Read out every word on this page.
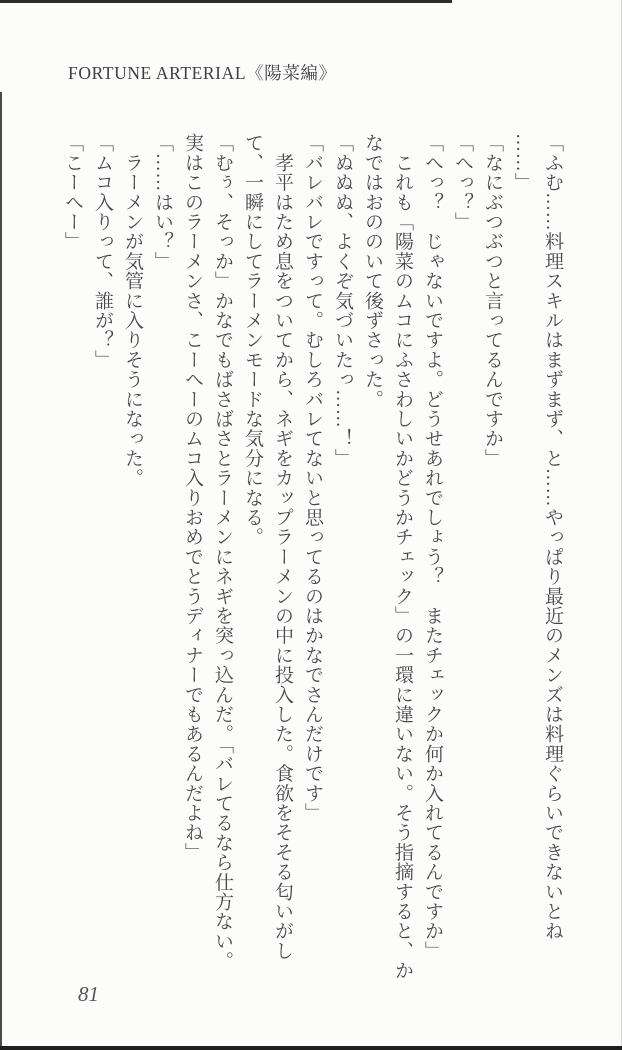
FORTUNE ARTERIAL《陽菜編》

「ふむ……料理スキルはまずまず、と……やっぱり最近のメンズは料理ぐらいできないとね

……」

「なにぶつぶつと言ってるんですか」

「へっ？」

「へっ？　じゃないですよ。どうせあれでしょう？　またチェックか何か入れてるんですか」

　これも「陽菜のムコにふさわしいかどうかチェック」の一環に違いない。そう指摘すると、か

なではおののいて後ずさった。

「ぬぬぬ、よくぞ気づいたっ……！」

「バレバレですって。むしろバレてないと思ってるのはかなでさんだけです」

　孝平はため息をついてから、ネギをカップラーメンの中に投入した。食欲をそそる匂いがし

て、一瞬にしてラーメンモードな気分になる。

「むぅ、そっか」かなでもばさばさとラーメンにネギを突っ込んだ。「バレてるなら仕方ない。

実はこのラーメンさ、こーへーのムコ入りおめでとうディナーでもあるんだよね」

「……はい？」

　ラーメンが気管に入りそうになった。

「ムコ入りって、誰が？」

「こーへー」

81
